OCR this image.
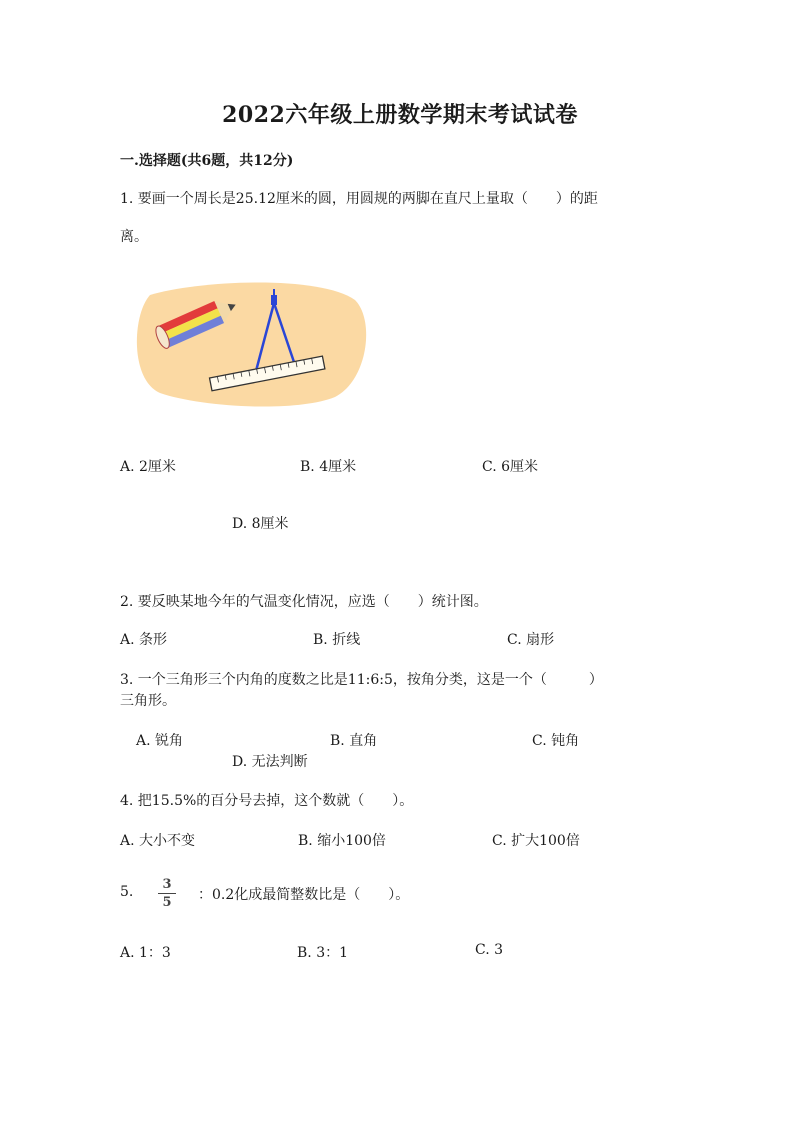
2022六年级上册数学期末考试试卷
一.选择题(共6题，共12分)
1. 要画一个周长是25.12厘米的圆，用圆规的两脚在直尺上量取（　　）的距
离。
A. 2厘米	B. 4厘米	C. 6厘米
D. 8厘米
2. 要反映某地今年的气温变化情况，应选（　　）统计图。
A. 条形	B. 折线	C. 扇形
3. 一个三角形三个内角的度数之比是11:6:5，按角分类，这是一个（　　　）
三角形。
A. 锐角	B. 直角	C. 钝角
D. 无法判断
4. 把15.5%的百分号去掉，这个数就（　　）。
A. 大小不变	B. 缩小100倍	C. 扩大100倍
5.	3
5	：0.2化成最简整数比是（　　）。
A. 1：3	B. 3：1	C. 3
